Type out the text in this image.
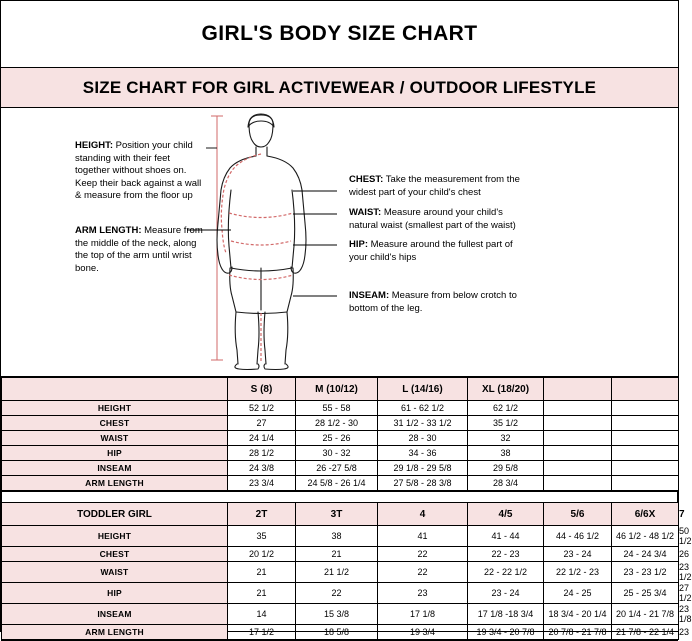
GIRL'S BODY SIZE CHART
SIZE CHART FOR GIRL ACTIVEWEAR / OUTDOOR LIFESTYLE
HEIGHT: Position your child standing with their feet together without shoes on. Keep their back against a wall & measure from the floor up
ARM LENGTH: Measure from the middle of the neck, along the top of the arm until wrist bone.
CHEST: Take the measurement from the widest part of your child's chest
WAIST: Measure around your child's natural waist (smallest part of the waist)
HIP: Measure around the fullest part of your child's hips
INSEAM: Measure from below crotch to bottom of the leg.
	S (8)	M (10/12)	L (14/16)	XL (18/20)		
HEIGHT	52 1/2	55 - 58	61 - 62 1/2	62 1/2		
CHEST	27	28 1/2 - 30	31 1/2 - 33 1/2	35 1/2		
WAIST	24 1/4	25 - 26	28 - 30	32		
HIP	28 1/2	30 - 32	34 - 36	38		
INSEAM	24 3/8	26 -27 5/8	29 1/8 - 29 5/8	29 5/8		
ARM LENGTH	23 3/4	24 5/8 - 26 1/4	27 5/8 - 28 3/8	28 3/4		
TODDLER GIRL	2T	3T	4	4/5	5/6	6/6X	7
HEIGHT	35	38	41	41 - 44	44 - 46 1/2	46 1/2 - 48 1/2	50 1/2
CHEST	20 1/2	21	22	22 - 23	23 - 24	24 - 24 3/4	26
WAIST	21	21 1/2	22	22 - 22 1/2	22 1/2 - 23	23 - 23 1/2	23 1/2
HIP	21	22	23	23 - 24	24 - 25	25 - 25 3/4	27 1/2
INSEAM	14	15 3/8	17 1/8	17 1/8 -18 3/4	18 3/4 - 20 1/4	20 1/4 - 21 7/8	23 1/8
ARM LENGTH	17 1/2	18 5/8	19 3/4	19 3/4 - 20 7/8	20 7/8 - 21 7/8	21 7/8 - 22 1/4	23
